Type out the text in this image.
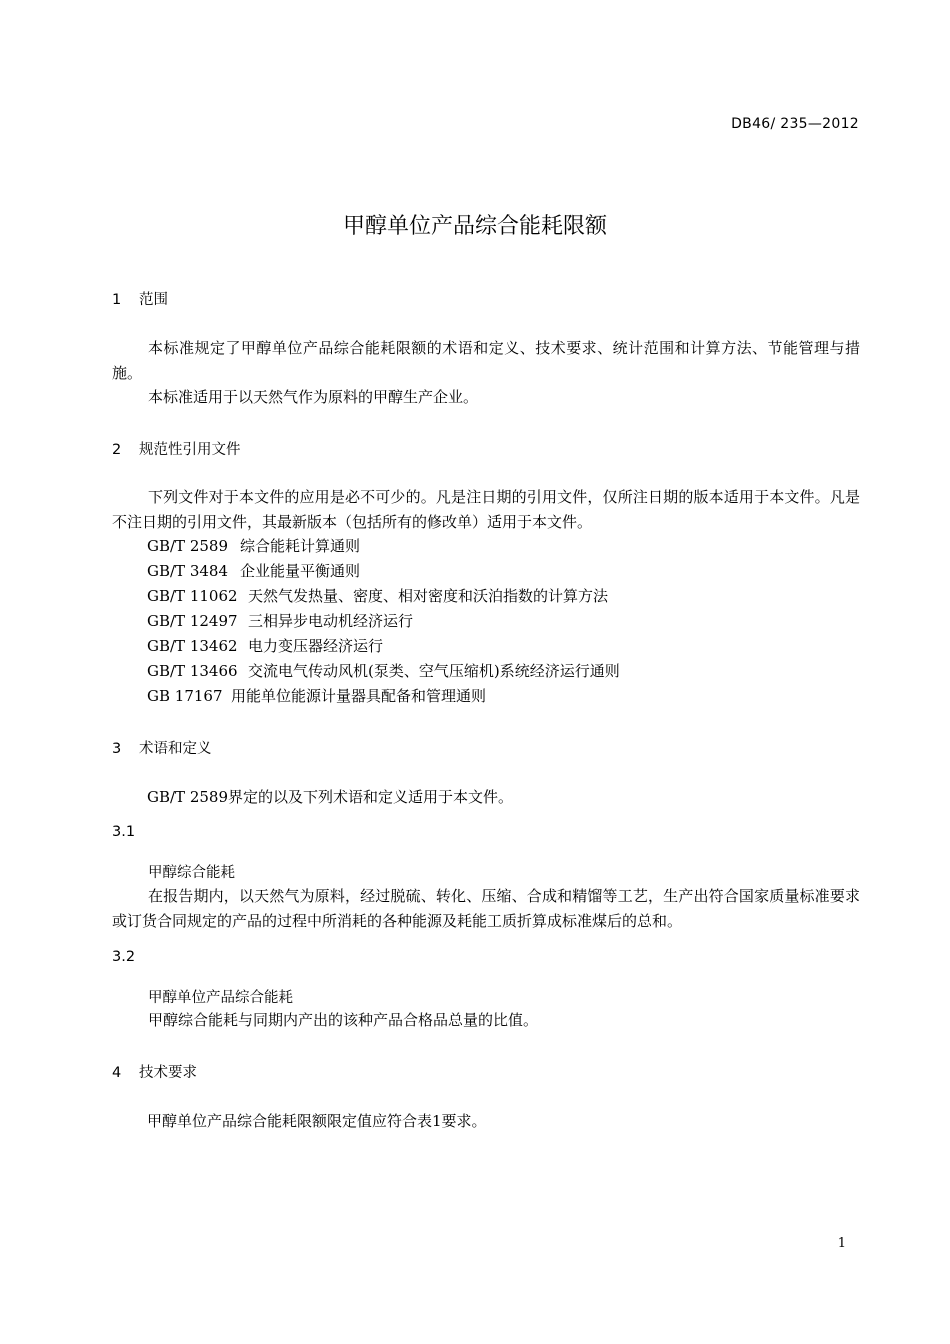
DB46/ 235—2012
甲醇单位产品综合能耗限额
1 范围
本标准规定了甲醇单位产品综合能耗限额的术语和定义、技术要求、统计范围和计算方法、节能管理与措施。
本标准适用于以天然气作为原料的甲醇生产企业。
2 规范性引用文件
下列文件对于本文件的应用是必不可少的。凡是注日期的引用文件，仅所注日期的版本适用于本文件。凡是不注日期的引用文件，其最新版本（包括所有的修改单）适用于本文件。
GB/T 2589 综合能耗计算通则
GB/T 3484 企业能量平衡通则
GB/T 11062 天然气发热量、密度、相对密度和沃泊指数的计算方法
GB/T 12497 三相异步电动机经济运行
GB/T 13462 电力变压器经济运行
GB/T 13466 交流电气传动风机(泵类、空气压缩机)系统经济运行通则
GB 17167 用能单位能源计量器具配备和管理通则
3 术语和定义
GB/T 2589界定的以及下列术语和定义适用于本文件。
3.1
甲醇综合能耗
在报告期内，以天然气为原料，经过脱硫、转化、压缩、合成和精馏等工艺，生产出符合国家质量标准要求或订货合同规定的产品的过程中所消耗的各种能源及耗能工质折算成标准煤后的总和。
3.2
甲醇单位产品综合能耗
甲醇综合能耗与同期内产出的该种产品合格品总量的比值。
4 技术要求
甲醇单位产品综合能耗限额限定值应符合表1要求。
1
